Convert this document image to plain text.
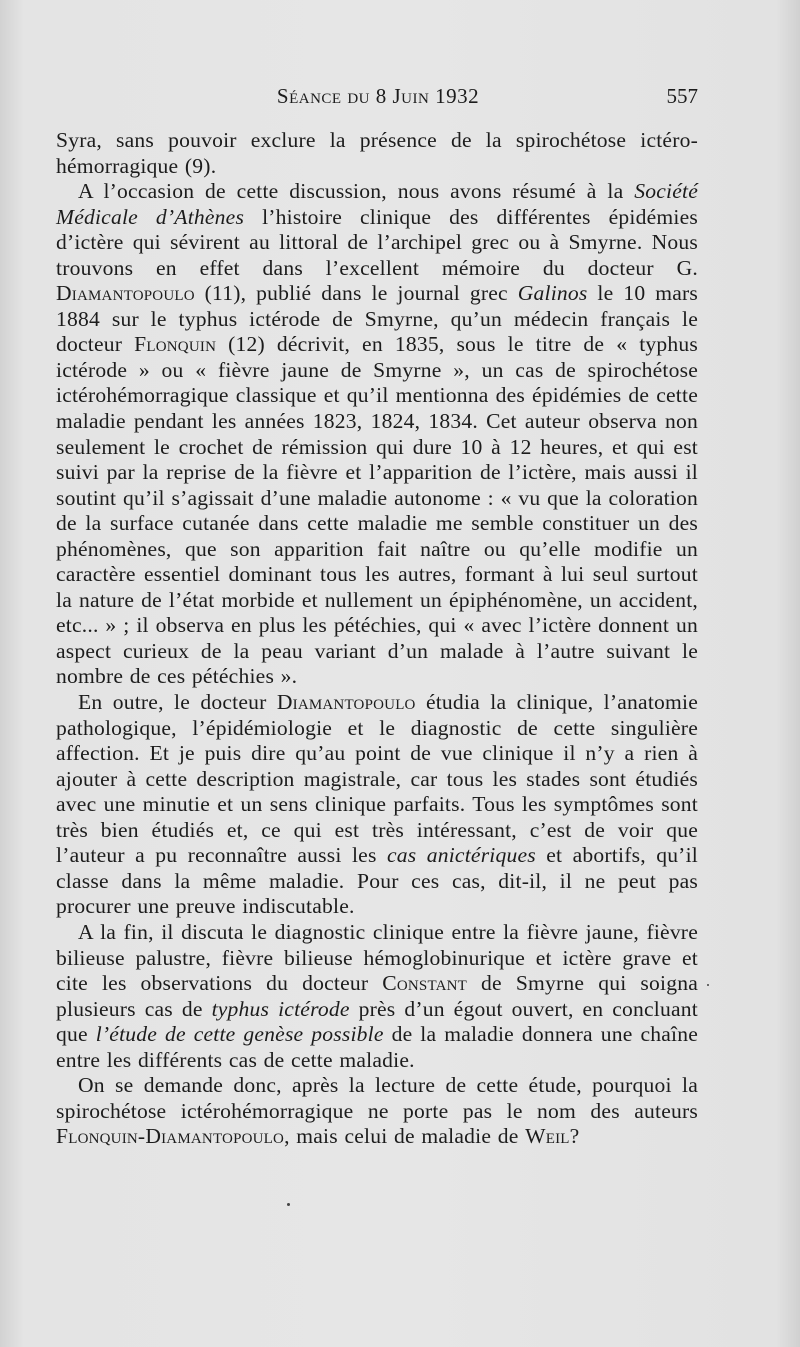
Séance du 8 Juin 1932	557

Syra, sans pouvoir exclure la présence de la spirochétose ictéro-hémorragique (9).

A l’occasion de cette discussion, nous avons résumé à la Société Médicale d’Athènes l’histoire clinique des différentes épidémies d’ictère qui sévirent au littoral de l’archipel grec ou à Smyrne. Nous trouvons en effet dans l’excellent mémoire du docteur G. Diamantopoulo (11), publié dans le journal grec Galinos le 10 mars 1884 sur le typhus ictérode de Smyrne, qu’un médecin français le docteur Flonquin (12) décrivit, en 1835, sous le titre de « typhus ictérode » ou « fièvre jaune de Smyrne », un cas de spirochétose ictérohémorragique classique et qu’il mentionna des épidémies de cette maladie pendant les années 1823, 1824, 1834. Cet auteur observa non seulement le crochet de rémission qui dure 10 à 12 heures, et qui est suivi par la reprise de la fièvre et l’apparition de l’ictère, mais aussi il soutint qu’il s’agissait d’une maladie autonome : « vu que la coloration de la surface cutanée dans cette maladie me semble constituer un des phénomènes, que son apparition fait naître ou qu’elle modifie un caractère essentiel dominant tous les autres, formant à lui seul surtout la nature de l’état morbide et nullement un épiphénomène, un accident, etc... » ; il observa en plus les pétéchies, qui « avec l’ictère donnent un aspect curieux de la peau variant d’un malade à l’autre suivant le nombre de ces pétéchies ».

En outre, le docteur Diamantopoulo étudia la clinique, l’anatomie pathologique, l’épidémiologie et le diagnostic de cette singulière affection. Et je puis dire qu’au point de vue clinique il n’y a rien à ajouter à cette description magistrale, car tous les stades sont étudiés avec une minutie et un sens clinique parfaits. Tous les symptômes sont très bien étudiés et, ce qui est très intéressant, c’est de voir que l’auteur a pu reconnaître aussi les cas anictériques et abortifs, qu’il classe dans la même maladie. Pour ces cas, dit-il, il ne peut pas procurer une preuve indiscutable.

A la fin, il discuta le diagnostic clinique entre la fièvre jaune, fièvre bilieuse palustre, fièvre bilieuse hémoglobinurique et ictère grave et cite les observations du docteur Constant de Smyrne qui soigna plusieurs cas de typhus ictérode près d’un égout ouvert, en concluant que l’étude de cette genèse possible de la maladie donnera une chaîne entre les différents cas de cette maladie.

On se demande donc, après la lecture de cette étude, pourquoi la spirochétose ictérohémorragique ne porte pas le nom des auteurs Flonquin-Diamantopoulo, mais celui de maladie de Weil?
